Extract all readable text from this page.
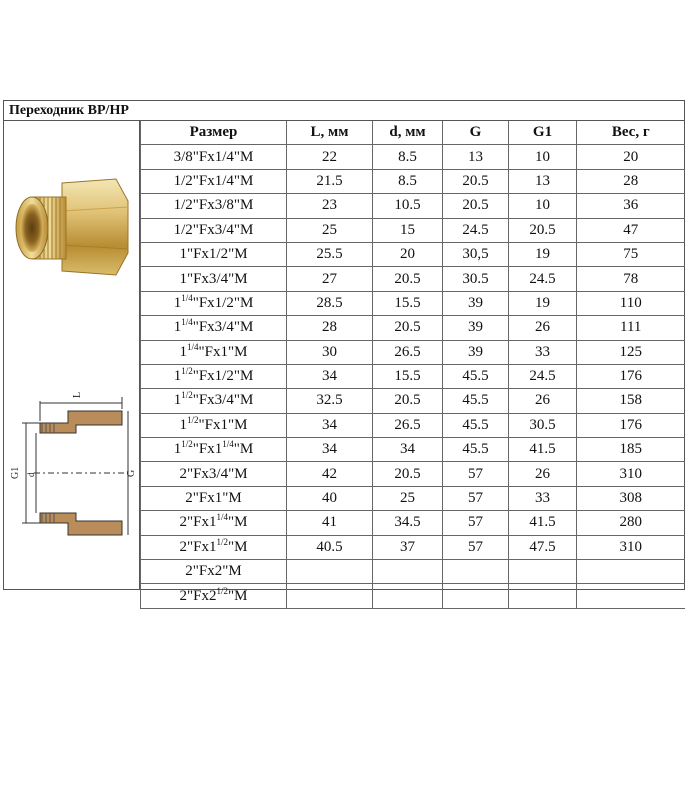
Переходник ВР/НР
L
G1 d	G
Размер	L, мм	d, мм	G	G1	Вес, г
3/8"Fx1/4"M	22	8.5	13	10	20
1/2"Fx1/4"M	21.5	8.5	20.5	13	28
1/2"Fx3/8"M	23	10.5	20.5	10	36
1/2"Fx3/4"M	25	15	24.5	20.5	47
1"Fx1/2"M	25.5	20	30,5	19	75
1"Fx3/4"M	27	20.5	30.5	24.5	78
$1^{1/4}"Fx1/2"M$	28.5	15.5	39	19	110
$1^{1/4}"Fx3/4"M$	28	20.5	39	26	111
$1^{1/4}"Fx1"M$	30	26.5	39	33	125
$1^{1/2}"Fx1/2"M$	34	15.5	45.5	24.5	176
$1^{1/2}"Fx3/4"M$	32.5	20.5	45.5	26	158
$1^{1/2}"Fx1"M$	34	26.5	45.5	30.5	176
$1^{1/2}"Fx1^{1/4}"M$	34	34	45.5	41.5	185
2"Fx3/4"M	42	20.5	57	26	310
2"Fx1"M	40	25	57	33	308
$2"Fx1^{1/4}"M$	41	34.5	57	41.5	280
$2"Fx1^{1/2}"M$	40.5	37	57	47.5	310
2"Fx2"M					
$2"Fx2^{1/2}"M$					
